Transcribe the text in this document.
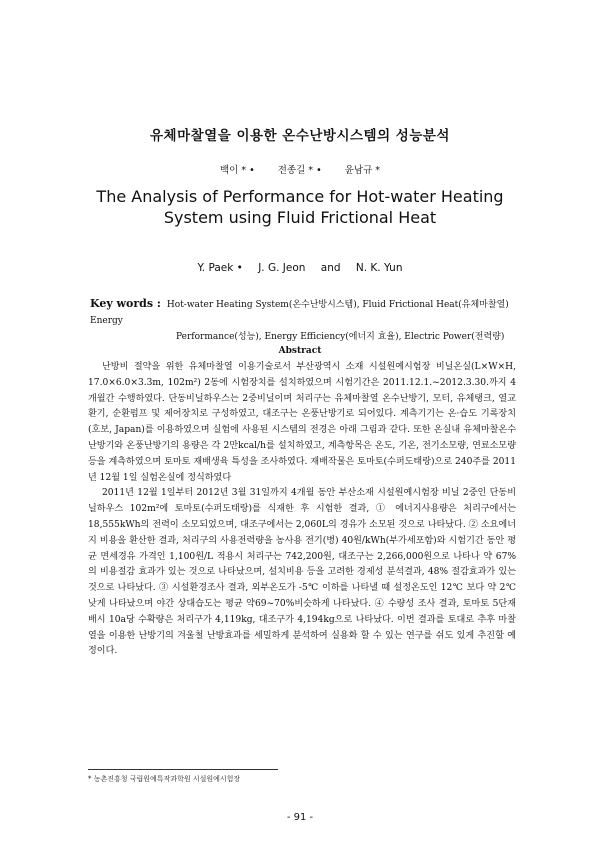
유체마찰열을 이용한 온수난방시스템의 성능분석
백이 * • 전종길 * • 윤남규 *
The Analysis of Performance for Hot-water Heating
System using Fluid Frictional Heat
Y. Paek • J. G. Jeon and N. K. Yun
Key words : Hot-water Heating System(온수난방시스템), Fluid Frictional Heat(유체마찰열) Energy
Performance(성능), Energy Efficiency(에너지 효율), Electric Power(전력량)
Abstract

난방비 절약을 위한 유체마찰열 이용기술로서 부산광역시 소재 시설원예시험장 비닐온실(L×W×H, 17.0×6.0×3.3m, 102m²) 2동에 시험장치를 설치하였으며 시험기간은 2011.12.1.~2012.3.30.까지 4개월간 수행하였다. 단동비닐하우스는 2중비닐이며 처리구는 유체마찰열 온수난방기, 모터, 유체탱크, 열교환기, 순환펌프 및 제어장치로 구성하였고, 대조구는 온풍난방기로 되어있다. 계측기기는 온·습도 기록장치(호보, Japan)를 이용하였으며 실험에 사용된 시스템의 전경은 아래 그림과 같다. 또한 온실내 유체마찰온수난방기와 온풍난방기의 용량은 각 2만kcal/h를 설치하였고, 계측항목은 온도, 기온, 전기소모량, 연료소모량 등을 계측하였으며 토마토 재배생육 특성을 조사하였다. 재배작물은 토마토(수퍼도태랑)으로 240주를 2011년 12월 1일 실험온실에 정식하였다

2011년 12월 1일부터 2012년 3월 31일까지 4개월 동안 부산소재 시설원예시험장 비닐 2중인 단동비닐하우스 102m²에 토마토(수퍼도태랑)를 식재한 후 시험한 결과, ① 에너지사용량은 처리구에서는 18,555kWh의 전력이 소모되었으며, 대조구에서는 2,060L의 경유가 소모된 것으로 나타났다. ② 소요에너지 비용을 환산한 결과, 처리구의 사용전력량을 농사용 전기(병) 40원/kWh(부가세포함)와 시험기간 동안 평균 면세경유 가격인 1,100원/L 적용시 처리구는 742,200원, 대조구는 2,266,000원으로 나타나 약 67%의 비용절감 효과가 있는 것으로 나타났으며, 설치비용 등을 고려한 경제성 분석결과, 48% 절감효과가 있는 것으로 나타났다. ③ 시설환경조사 결과, 외부온도가 -5℃ 이하를 나타낼 때 설정온도인 12℃ 보다 약 2℃ 낮게 나타났으며 야간 상대습도는 평균 약69~70%비슷하게 나타났다. ④ 수량성 조사 결과, 토마토 5단재배시 10a당 수확량은 처리구가 4,119kg, 대조구가 4,194kg으로 나타났다. 이번 결과를 토대로 추후 마찰열을 이용한 난방기의 겨울철 난방효과를 세밀하게 분석하여 실용화 할 수 있는 연구를 쉬도 있게 추진할 예정이다.

* 농촌진흥청 국립원예특작과학원 시설원예시험장
- 91 -
